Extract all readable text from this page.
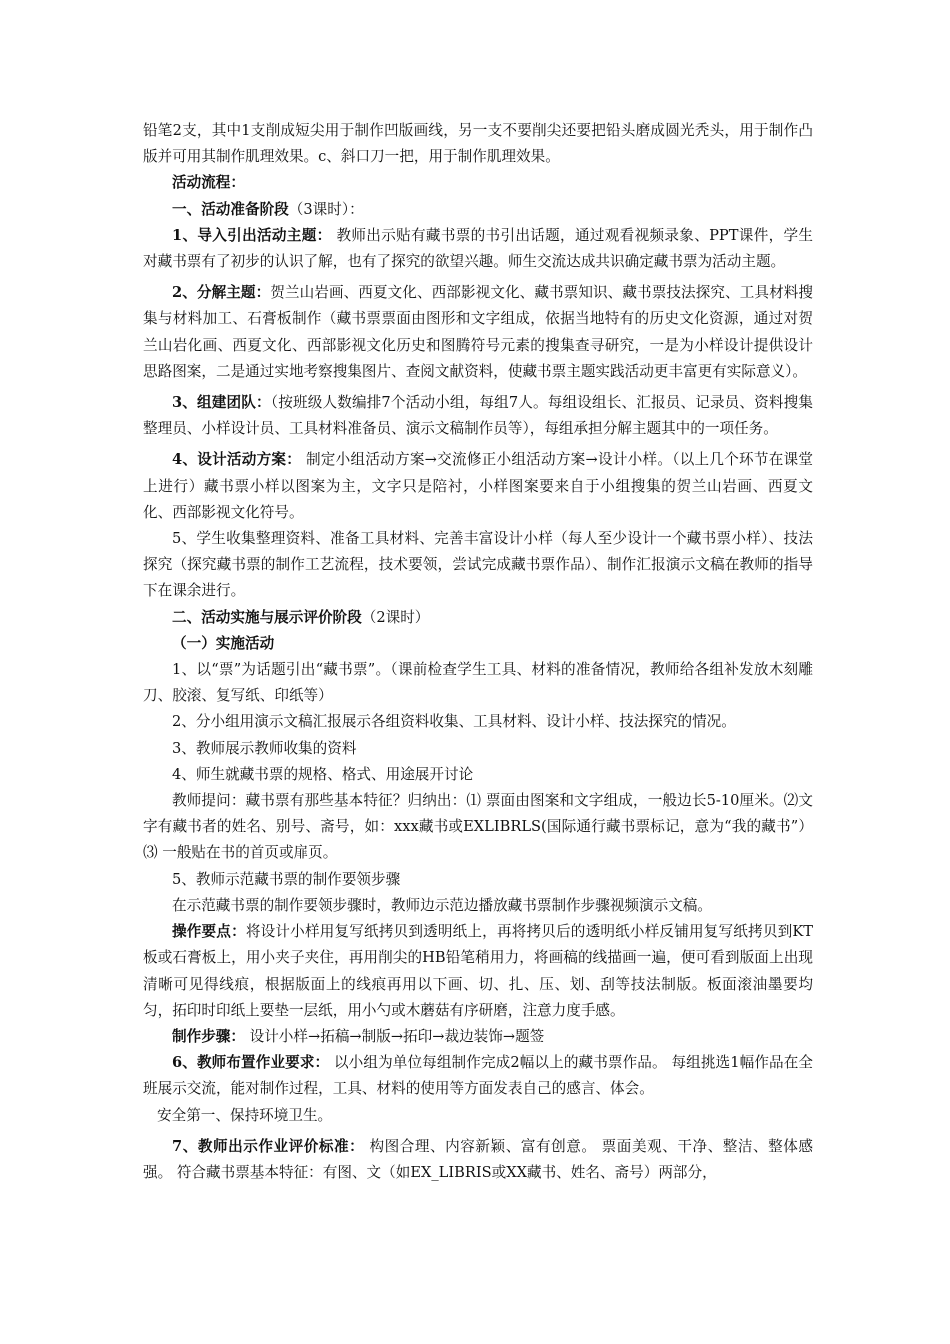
铅笔2支，其中1支削成短尖用于制作凹版画线，另一支不要削尖还要把铅头磨成圆光秃头，用于制作凸版并可用其制作肌理效果。c、斜口刀一把，用于制作肌理效果。

活动流程：

一、活动准备阶段（3课时）：

1、导入引出活动主题： 教师出示贴有藏书票的书引出话题，通过观看视频录象、PPT课件，学生对藏书票有了初步的认识了解，也有了探究的欲望兴趣。师生交流达成共识确定藏书票为活动主题。

2、分解主题：贺兰山岩画、西夏文化、西部影视文化、藏书票知识、藏书票技法探究、工具材料搜集与材料加工、石膏板制作（藏书票票面由图形和文字组成，依据当地特有的历史文化资源，通过对贺兰山岩化画、西夏文化、西部影视文化历史和图腾符号元素的搜集查寻研究，一是为小样设计提供设计思路图案，二是通过实地考察搜集图片、查阅文献资料，使藏书票主题实践活动更丰富更有实际意义）。

3、组建团队：（按班级人数编排7个活动小组，每组7人。每组设组长、汇报员、记录员、资料搜集整理员、小样设计员、工具材料准备员、演示文稿制作员等），每组承担分解主题其中的一项任务。

4、设计活动方案： 制定小组活动方案→交流修正小组活动方案→设计小样。（以上几个环节在课堂上进行）藏书票小样以图案为主，文字只是陪衬，小样图案要来自于小组搜集的贺兰山岩画、西夏文化、西部影视文化符号。

5、学生收集整理资料、准备工具材料、完善丰富设计小样（每人至少设计一个藏书票小样）、技法探究（探究藏书票的制作工艺流程，技术要领，尝试完成藏书票作品）、制作汇报演示文稿在教师的指导下在课余进行。

二、活动实施与展示评价阶段（2课时）

（一）实施活动

1、以“票”为话题引出“藏书票”。（课前检查学生工具、材料的准备情况，教师给各组补发放木刻雕刀、胶滚、复写纸、印纸等）

2、分小组用演示文稿汇报展示各组资料收集、工具材料、设计小样、技法探究的情况。

3、教师展示教师收集的资料

4、师生就藏书票的规格、格式、用途展开讨论

教师提问：藏书票有那些基本特征？归纳出：⑴ 票面由图案和文字组成，一般边长5-10厘米。⑵文字有藏书者的姓名、别号、斋号，如：xxx藏书或EXLIBRLS(国际通行藏书票标记，意为“我的藏书”）⑶ 一般贴在书的首页或扉页。

5、教师示范藏书票的制作要领步骤

在示范藏书票的制作要领步骤时，教师边示范边播放藏书票制作步骤视频演示文稿。

操作要点：将设计小样用复写纸拷贝到透明纸上，再将拷贝后的透明纸小样反铺用复写纸拷贝到KT板或石膏板上，用小夹子夹住，再用削尖的HB铅笔稍用力，将画稿的线描画一遍，便可看到版面上出现清晰可见得线痕，根据版面上的线痕再用以下画、切、扎、压、划、刮等技法制版。板面滚油墨要均匀，拓印时印纸上要垫一层纸，用小勺或木蘑菇有序研磨，注意力度手感。

制作步骤： 设计小样→拓稿→制版→拓印→裁边装饰→题签

6、教师布置作业要求： 以小组为单位每组制作完成2幅以上的藏书票作品。 每组挑选1幅作品在全班展示交流，能对制作过程，工具、材料的使用等方面发表自己的感言、体会。

安全第一、保持环境卫生。

7、教师出示作业评价标准： 构图合理、内容新颖、富有创意。 票面美观、干净、整洁、整体感强。 符合藏书票基本特征：有图、文（如EX_LIBRIS或XX藏书、姓名、斋号）两部分，
